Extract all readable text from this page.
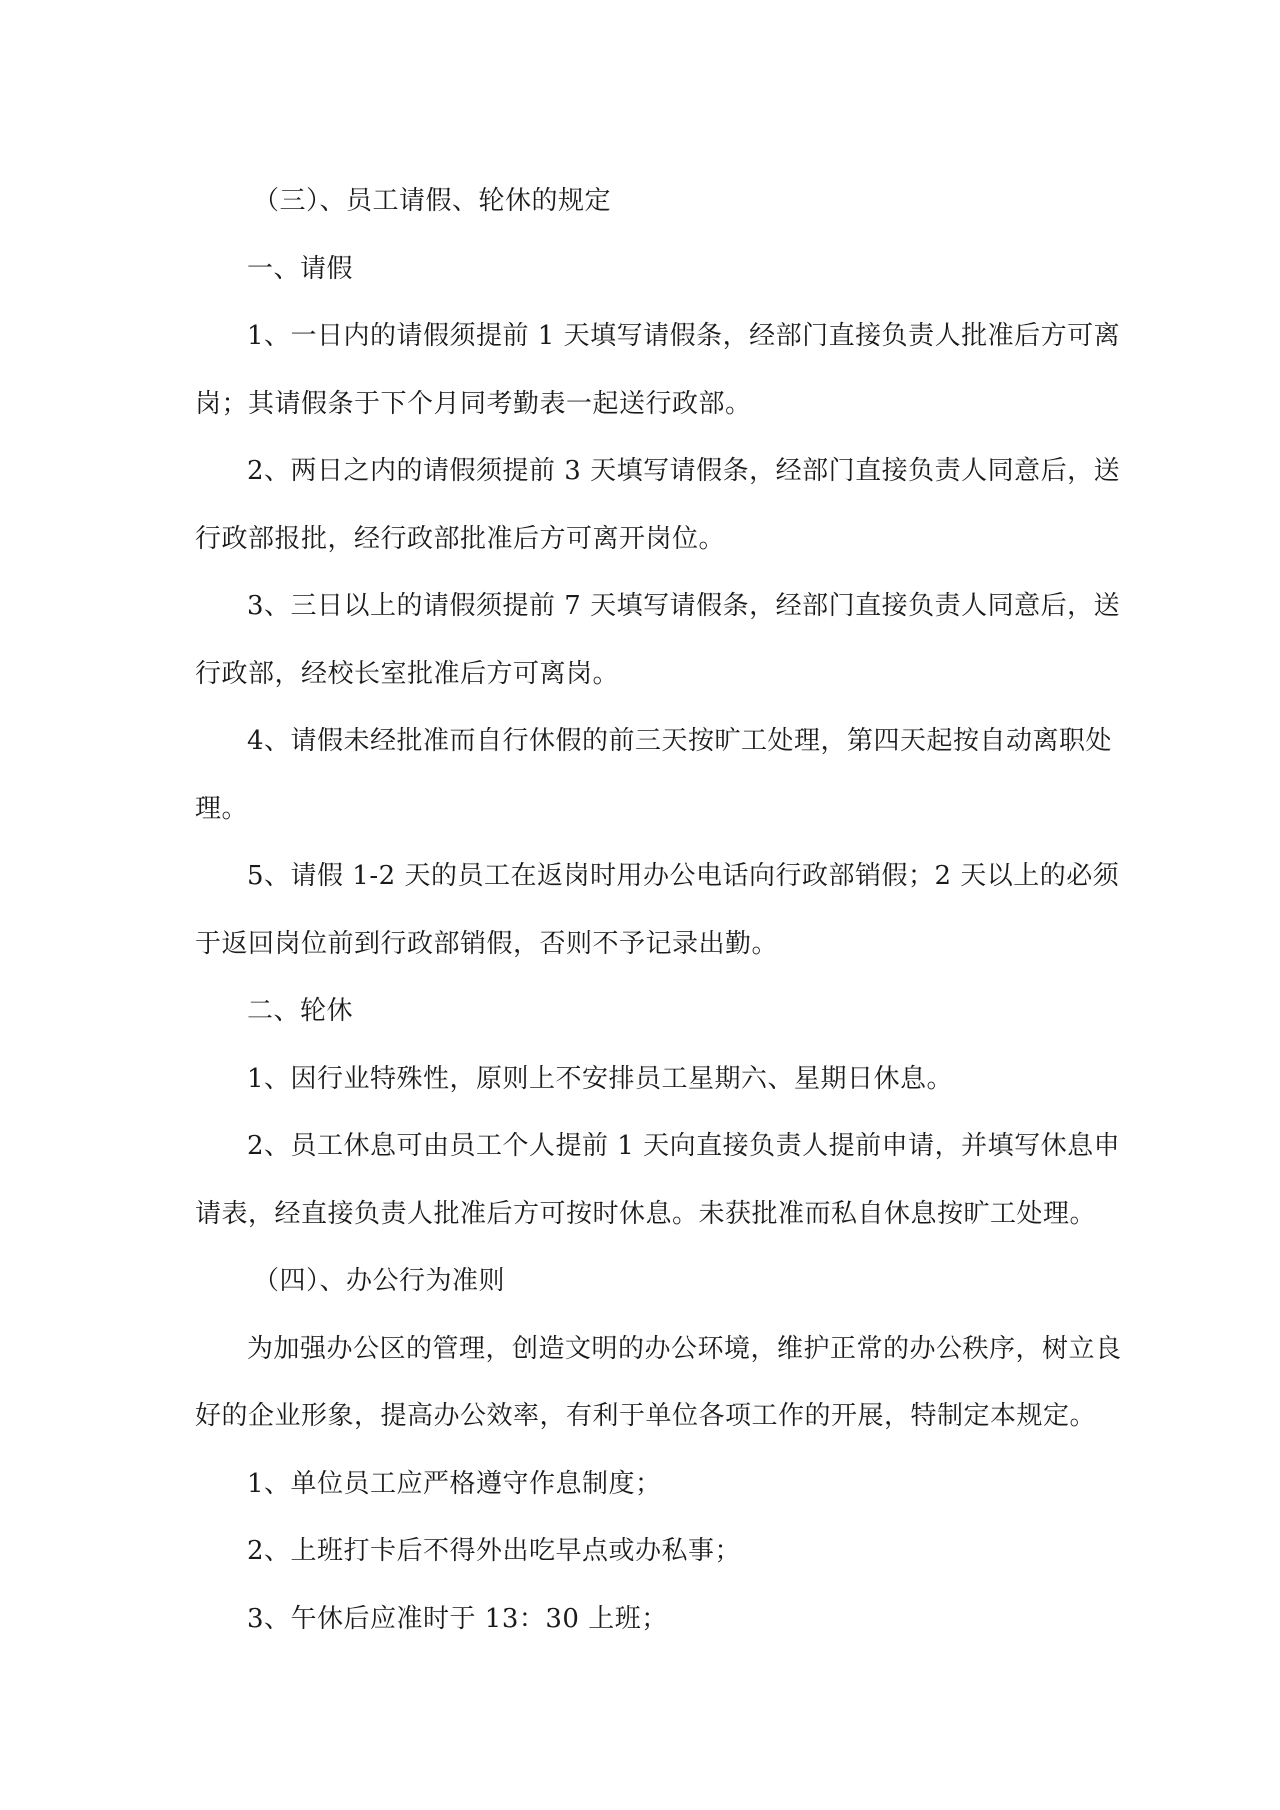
（三）、员工请假、轮休的规定
一、请假
1、一日内的请假须提前 1 天填写请假条，经部门直接负责人批准后方可离
岗；其请假条于下个月同考勤表一起送行政部。
2、两日之内的请假须提前 3 天填写请假条，经部门直接负责人同意后，送
行政部报批，经行政部批准后方可离开岗位。
3、三日以上的请假须提前 7 天填写请假条，经部门直接负责人同意后，送
行政部，经校长室批准后方可离岗。
4、请假未经批准而自行休假的前三天按旷工处理，第四天起按自动离职处
理。
5、请假 1-2 天的员工在返岗时用办公电话向行政部销假；2 天以上的必须
于返回岗位前到行政部销假，否则不予记录出勤。
二、轮休
1、因行业特殊性，原则上不安排员工星期六、星期日休息。
2、员工休息可由员工个人提前 1 天向直接负责人提前申请，并填写休息申
请表，经直接负责人批准后方可按时休息。未获批准而私自休息按旷工处理。
（四）、办公行为准则
为加强办公区的管理，创造文明的办公环境，维护正常的办公秩序，树立良
好的企业形象，提高办公效率，有利于单位各项工作的开展，特制定本规定。
1、单位员工应严格遵守作息制度；
2、上班打卡后不得外出吃早点或办私事；
3、午休后应准时于 13：30 上班；
